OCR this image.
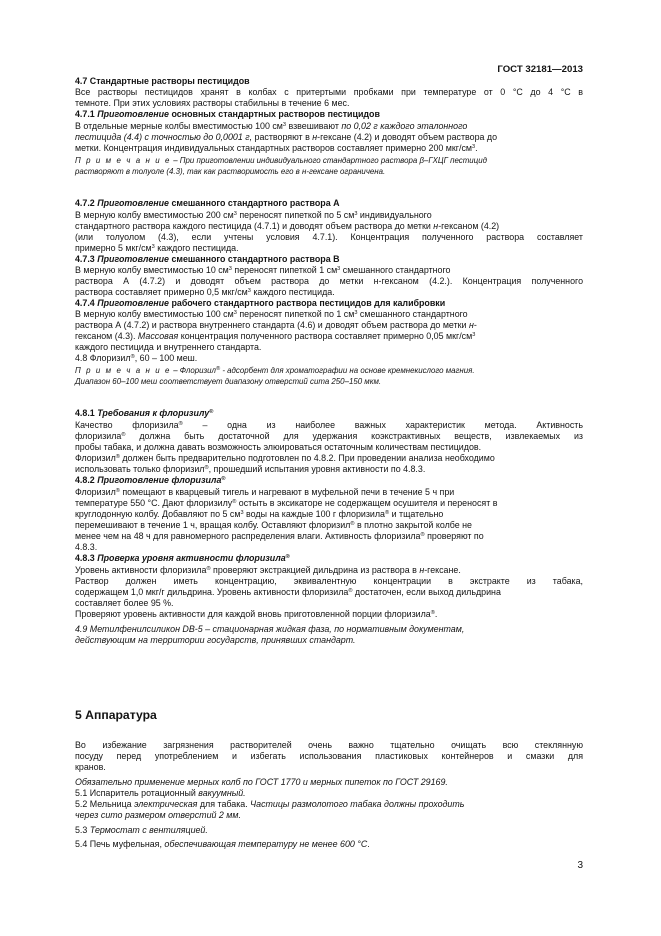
ГОСТ 32181—2013
4.7 Стандартные растворы пестицидов
Все растворы пестицидов хранят в колбах с притертыми пробками при температуре от 0 °С до 4 °С в
темноте. При этих условиях растворы стабильны в течение 6 мес.
4.7.1 Приготовление основных стандартных растворов пестицидов
В отдельные мерные колбы вместимостью 100 $см^3$ взвешивают по 0,02 г каждого эталонного
пестицида (4.4) с точностью до 0,0001 г, растворяют в н-гексане (4.2) и доводят объем раствора до
метки. Концентрация индивидуальных стандартных растворов составляет примерно 200 мкг/$см^3$.
П р и м е ч а н и е – При приготовлении индивидуального стандартного раствора β–ГХЦГ пестицид
растворяют в толуоле (4.3), так как растворимость его в н-гексане ограничена.
4.7.2 Приготовление смешанного стандартного раствора А
В мерную колбу вместимостью 200 $см^3$ переносят пипеткой по 5 $см^3$ индивидуального
стандартного раствора каждого пестицида (4.7.1) и доводят объем раствора до метки н-гексаном (4.2)
(или толуолом (4.3), если учтены условия 4.7.1). Концентрация полученного раствора составляет
примерно 5 мкг/$см^3$ каждого пестицида.
4.7.3 Приготовление смешанного стандартного раствора В
В мерную колбу вместимостью 10 $см^3$ переносят пипеткой 1 $см^3$ смешанного стандартного
раствора А (4.7.2) и доводят объем раствора до метки н-гексаном (4.2.). Концентрация полученного
раствора составляет примерно 0,5 мкг/$см^3$ каждого пестицида.
4.7.4 Приготовление рабочего стандартного раствора пестицидов для калибровки
В мерную колбу вместимостью 100 $см^3$ переносят пипеткой по 1 $см^3$ смешанного стандартного
раствора А (4.7.2) и раствора внутреннего стандарта (4.6) и доводят объем раствора до метки н-
гексаном (4.3). Массовая концентрация полученного раствора составляет примерно 0,05 мкг/$см^3$
каждого пестицида и внутреннего стандарта.
4.8 Флоризил®, 60 – 100 меш.
П р и м е ч а н и е – Флоризил® - адсорбент для хроматографии на основе кремнекислого магния.
Диапазон 60–100 меш соответствует диапазону отверстий сита 250–150 мкм.
4.8.1 Требования к флоризилу®
Качество флоризила® – одна из наиболее важных характеристик метода. Активность
флоризила® должна быть достаточной для удержания коэкстрактивных веществ, извлекаемых из
пробы табака, и должна давать возможность элюироваться остаточным количествам пестицидов.
Флоризил® должен быть предварительно подготовлен по 4.8.2. При проведении анализа необходимо
использовать только флоризил®, прошедший испытания уровня активности по 4.8.3.
4.8.2 Приготовление флоризила®
Флоризил® помещают в кварцевый тигель и нагревают в муфельной печи в течение 5 ч при
температуре 550 °С. Дают флоризилу® остыть в эксикаторе не содержащем осушителя и переносят в
круглодонную колбу. Добавляют по 5 $см^3$ воды на каждые 100 г флоризила® и тщательно
перемешивают в течение 1 ч, вращая колбу. Оставляют флоризил® в плотно закрытой колбе не
менее чем на 48 ч для равномерного распределения влаги. Активность флоризила® проверяют по
4.8.3.
4.8.3 Проверка уровня активности флоризила®
Уровень активности флоризила® проверяют экстракцией дильдрина из раствора в н-гексане.
Раствор должен иметь концентрацию, эквивалентную концентрации в экстракте из табака,
содержащем 1,0 мкг/г дильдрина. Уровень активности флоризила® достаточен, если выход дильдрина
составляет более 95 %.
Проверяют уровень активности для каждой вновь приготовленной порции флоризила®.
4.9 Метилфенилсиликон DB-5 – стационарная жидкая фаза, по нормативным документам,
действующим на территории государств, принявших стандарт.
5 Аппаратура
Во избежание загрязнения растворителей очень важно тщательно очищать всю стеклянную
посуду перед употреблением и избегать использования пластиковых контейнеров и смазки для
кранов.
Обязательно применение мерных колб по ГОСТ 1770 и мерных пипеток по ГОСТ 29169.
5.1 Испаритель ротационный вакуумный.
5.2 Мельница электрическая для табака. Частицы размолотого табака должны проходить
через сито размером отверстий 2 мм.
5.3 Термостат с вентиляцией.
5.4 Печь муфельная, обеспечивающая температуру не менее 600 °С.
3
